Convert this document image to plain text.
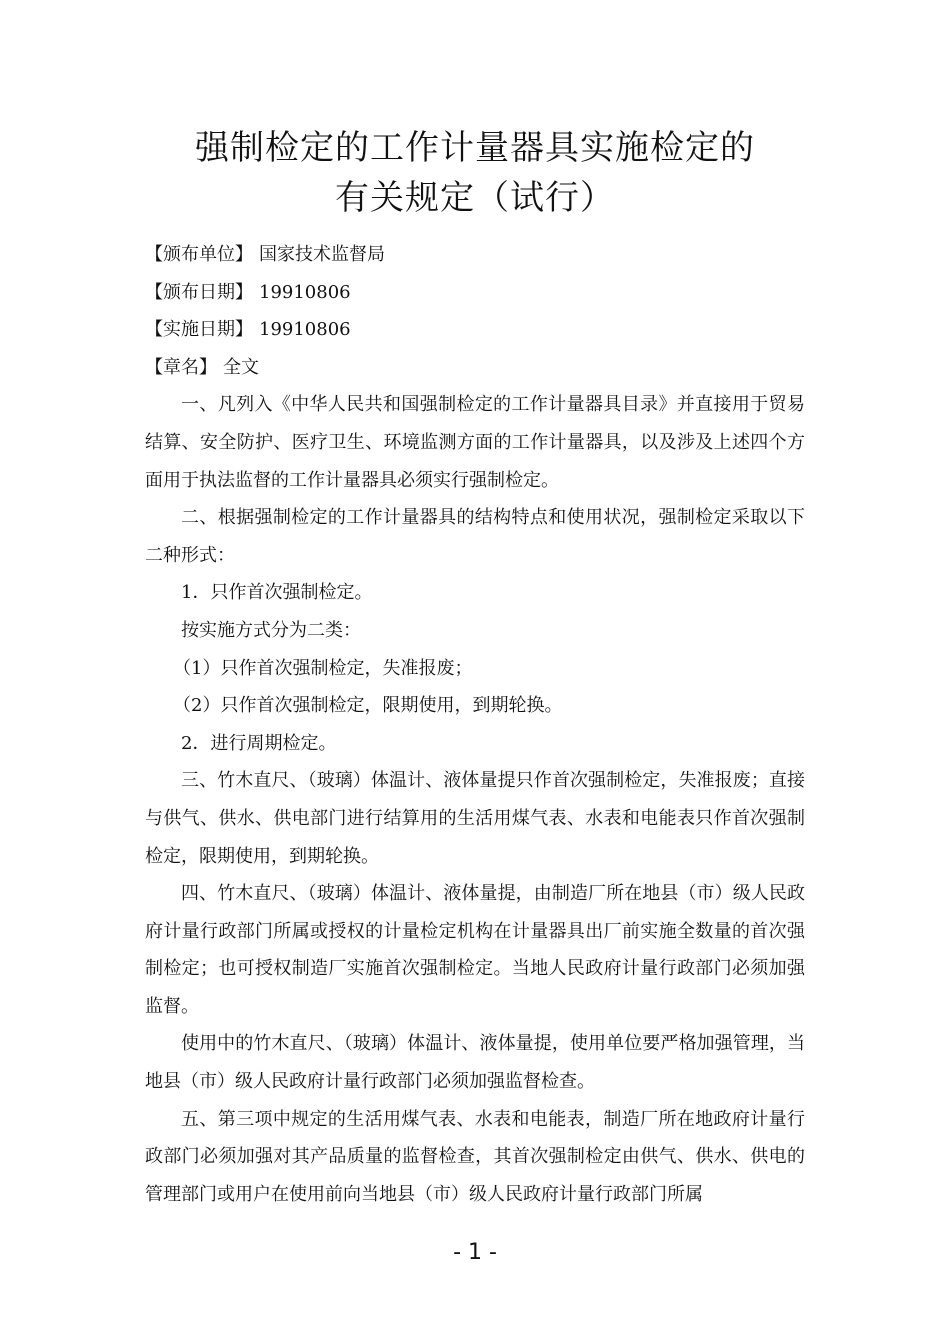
强制检定的工作计量器具实施检定的
有关规定（试行）
【颁布单位】 国家技术监督局
【颁布日期】 19910806
【实施日期】 19910806
【章名】 全文

一、凡列入《中华人民共和国强制检定的工作计量器具目录》并直接用于贸易结算、安全防护、医疗卫生、环境监测方面的工作计量器具，以及涉及上述四个方面用于执法监督的工作计量器具必须实行强制检定。

二、根据强制检定的工作计量器具的结构特点和使用状况，强制检定采取以下二种形式：

1．只作首次强制检定。

按实施方式分为二类：

（1）只作首次强制检定，失准报废；

（2）只作首次强制检定，限期使用，到期轮换。

2．进行周期检定。

三、竹木直尺、（玻璃）体温计、液体量提只作首次强制检定，失准报废；直接与供气、供水、供电部门进行结算用的生活用煤气表、水表和电能表只作首次强制检定，限期使用，到期轮换。

四、竹木直尺、（玻璃）体温计、液体量提，由制造厂所在地县（市）级人民政府计量行政部门所属或授权的计量检定机构在计量器具出厂前实施全数量的首次强制检定；也可授权制造厂实施首次强制检定。当地人民政府计量行政部门必须加强监督。

使用中的竹木直尺、（玻璃）体温计、液体量提，使用单位要严格加强管理，当地县（市）级人民政府计量行政部门必须加强监督检查。

五、第三项中规定的生活用煤气表、水表和电能表，制造厂所在地政府计量行政部门必须加强对其产品质量的监督检查，其首次强制检定由供气、供水、供电的管理部门或用户在使用前向当地县（市）级人民政府计量行政部门所属

- 1 -
